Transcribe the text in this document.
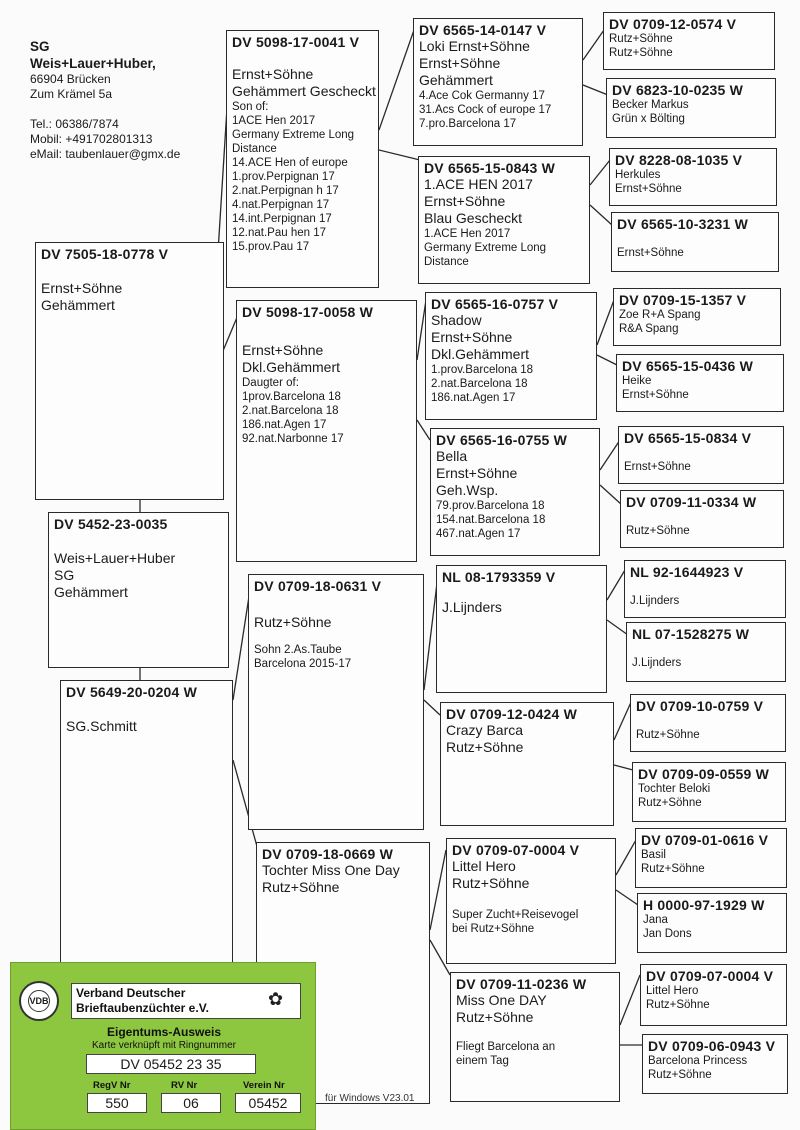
SG
Weis+Lauer+Huber,
66904 Brücken
Zum Krämel 5a
Tel.: 06386/7874
Mobil: +491702801313
eMail: taubenlauer@gmx.de
DV 7505-18-0778 V
Ernst+Söhne
Gehämmert
DV 5452-23-0035
Weis+Lauer+Huber
SG
Gehämmert
DV 5649-20-0204 W
SG.Schmitt
DV 5098-17-0041 V
Ernst+Söhne
Gehämmert Gescheckt
Son of:
1ACE Hen 2017
Germany Extreme Long
Distance
14.ACE Hen of europe
1.prov.Perpignan 17
2.nat.Perpignan h 17
4.nat.Perpignan 17
14.int.Perpignan 17
12.nat.Pau hen 17
15.prov.Pau 17
DV 5098-17-0058 W
Ernst+Söhne
Dkl.Gehämmert
Daugter of:
1prov.Barcelona 18
2.nat.Barcelona 18
186.nat.Agen 17
92.nat.Narbonne 17
DV 0709-18-0631 V
Rutz+Söhne
Sohn 2.As.Taube
Barcelona 2015-17
DV 0709-18-0669 W
Tochter Miss One Day
Rutz+Söhne
DV 6565-14-0147 V
Loki Ernst+Söhne
Ernst+Söhne
Gehämmert
4.Ace Cok Germanny 17
31.Acs Cock of europe 17
7.pro.Barcelona 17
DV 6565-15-0843 W
1.ACE HEN 2017
Ernst+Söhne
Blau Gescheckt
1.ACE Hen 2017
Germany Extreme Long
Distance
DV 6565-16-0757 V
Shadow
Ernst+Söhne
Dkl.Gehämmert
1.prov.Barcelona 18
2.nat.Barcelona 18
186.nat.Agen 17
DV 6565-16-0755 W
Bella
Ernst+Söhne
Geh.Wsp.
79.prov.Barcelona 18
154.nat.Barcelona 18
467.nat.Agen 17
NL 08-1793359 V
J.Lijnders
DV 0709-12-0424 W
Crazy Barca
Rutz+Söhne
DV 0709-07-0004 V
Littel Hero
Rutz+Söhne
Super Zucht+Reisevogel
bei Rutz+Söhne
DV 0709-11-0236 W
Miss One DAY
Rutz+Söhne
Fliegt Barcelona an
einem Tag
DV 0709-12-0574 V
Rutz+Söhne
Rutz+Söhne
DV 6823-10-0235 W
Becker Markus
Grün x Bölting
DV 8228-08-1035 V
Herkules
Ernst+Söhne
DV 6565-10-3231 W
Ernst+Söhne
DV 0709-15-1357 V
Zoe R+A Spang
R&A Spang
DV 6565-15-0436 W
Heike
Ernst+Söhne
DV 6565-15-0834 V
Ernst+Söhne
DV 0709-11-0334 W
Rutz+Söhne
NL 92-1644923 V
J.Lijnders
NL 07-1528275 W
J.Lijnders
DV 0709-10-0759 V
Rutz+Söhne
DV 0709-09-0559 W
Tochter Beloki
Rutz+Söhne
DV 0709-01-0616 V
Basil
Rutz+Söhne
H 0000-97-1929 W
Jana
Jan Dons
DV 0709-07-0004 V
Littel Hero
Rutz+Söhne
DV 0709-06-0943 V
Barcelona Princess
Rutz+Söhne
für Windows V23.01
VDB
Verband Deutscher
Brieftaubenzüchter e.V.	✿
Eigentums-Ausweis
Karte verknüpft mit Ringnummer
DV 05452 23 35
RegV Nr	RV Nr	Verein Nr
550	06	05452
